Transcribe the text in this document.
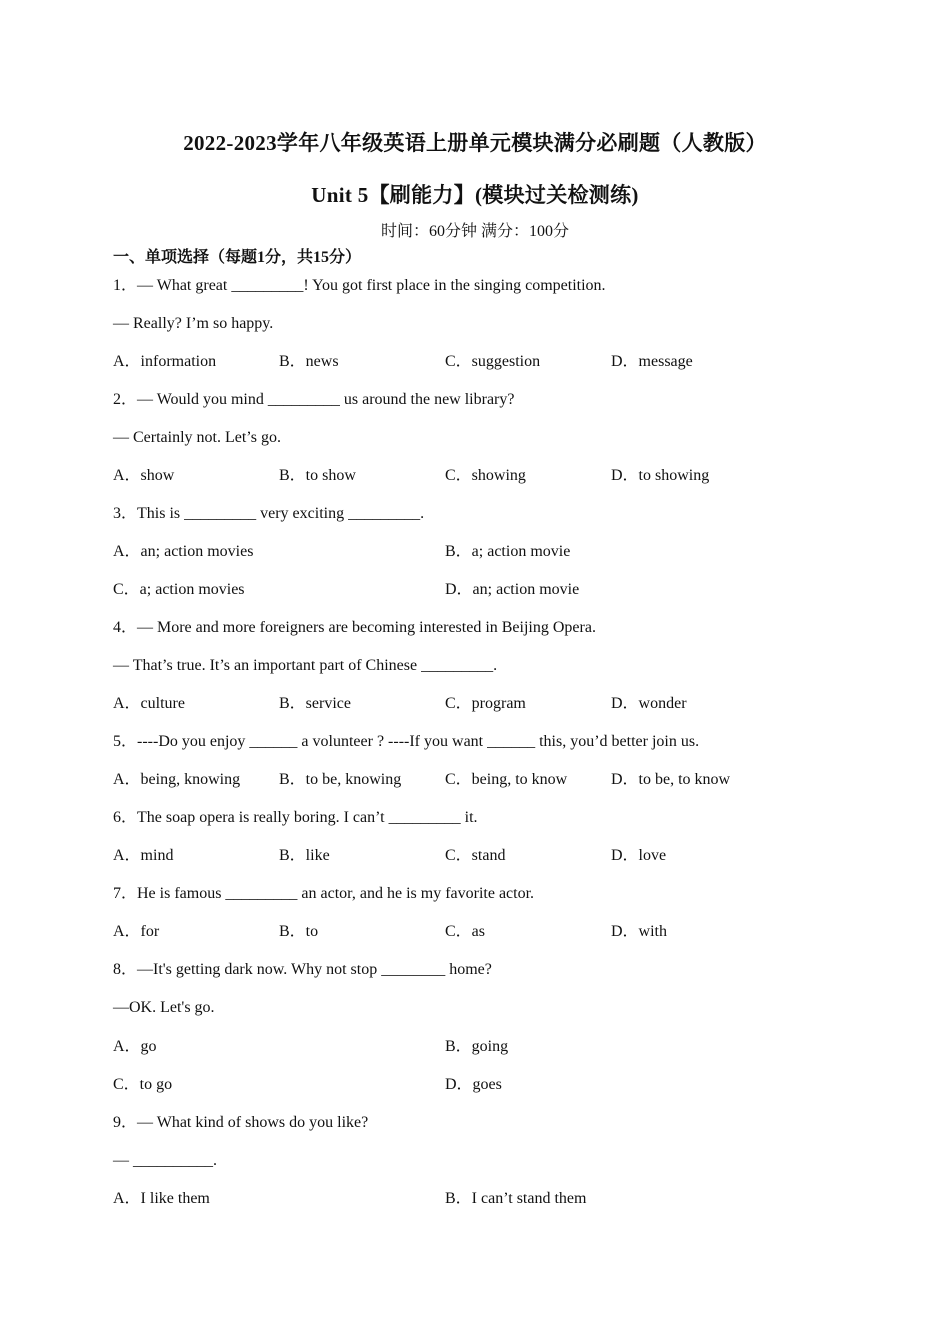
2022-2023学年八年级英语上册单元模块满分必刷题（人教版）
Unit 5【刷能力】(模块过关检测练)
时间：60分钟 满分：100分
一、单项选择（每题1分，共15分）
1．— What great _________! You got first place in the singing competition.
— Really? I’m so happy.
A．information	B．news	C．suggestion	D．message
2．— Would you mind _________ us around the new library?
— Certainly not. Let’s go.
A．show	B．to show	C．showing	D．to showing
3．This is _________ very exciting _________.
A．an; action movies	B．a; action movie
C．a; action movies	D．an; action movie
4．— More and more foreigners are becoming interested in Beijing Opera.
— That’s true. It’s an important part of Chinese _________.
A．culture	B．service	C．program	D．wonder
5．----Do you enjoy ______ a volunteer ? ----If you want ______ this, you’d better join us.
A．being, knowing B．to be, knowing	C．being, to know	D．to be, to know
6．The soap opera is really boring. I can’t _________ it.
A．mind	B．like	C．stand	D．love
7．He is famous _________ an actor, and he is my favorite actor.
A．for	B．to	C．as	D．with
8．—It's getting dark now. Why not stop ________ home?
—OK. Let's go.
A．go	B．going
C．to go	D．goes
9．— What kind of shows do you like?
— __________.
A．I like them	B．I can’t stand them
